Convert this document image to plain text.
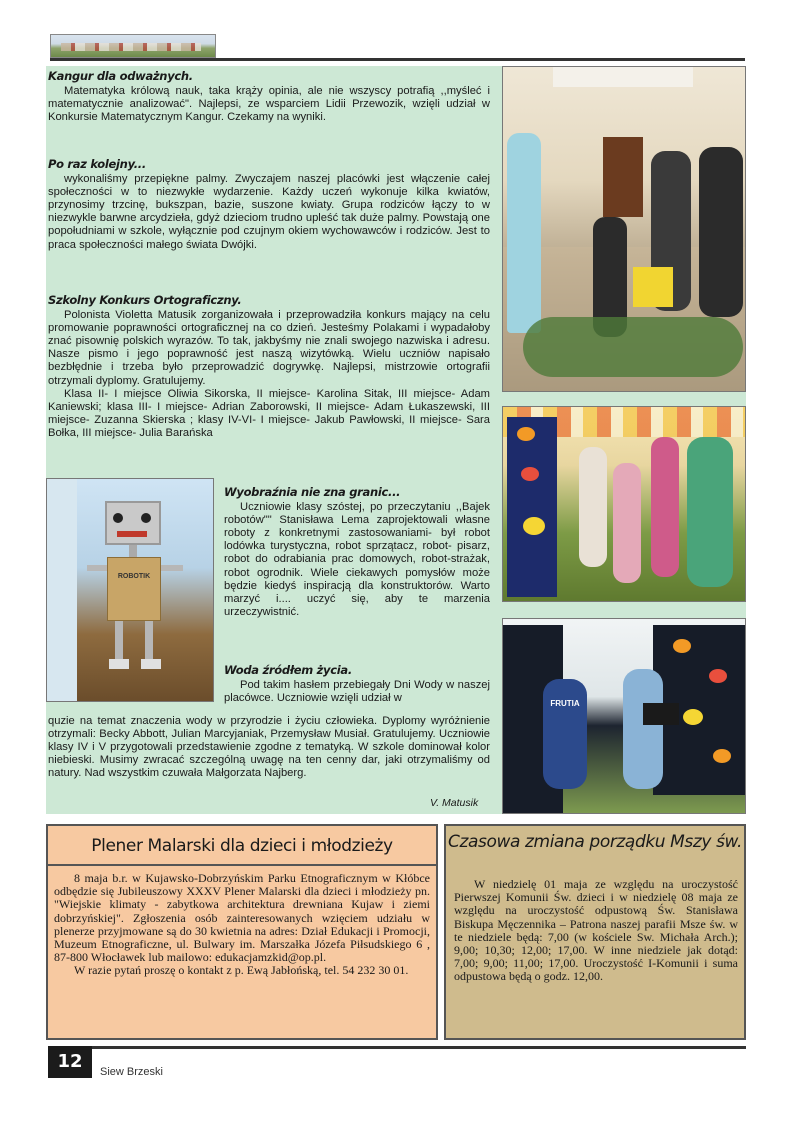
Kangur dla odważnych.

Matematyka królową nauk, taka krąży opinia, ale nie wszyscy potrafią ,,myśleć i matematycznie analizować". Najlepsi, ze wsparciem Lidii Przewozik, wzięli udział w Konkursie Matematycznym Kangur. Czekamy na wyniki.

Po raz kolejny...

wykonaliśmy przepiękne palmy. Zwyczajem naszej placówki jest włączenie całej społeczności w to niezwykłe wydarzenie. Każdy uczeń wykonuje kilka kwiatów, przynosimy trzcinę, bukszpan, bazie, suszone kwiaty. Grupa rodziców łączy to w niezwykle barwne arcydzieła, gdyż dzieciom trudno upleść tak duże palmy. Powstają one popołudniami w szkole, wyłącznie pod czujnym okiem wychowawców i rodziców. Jest to praca społeczności małego świata Dwójki.

Szkolny Konkurs Ortograficzny.

Polonista Violetta Matusik zorganizowała i przeprowadziła konkurs mający na celu promowanie poprawności ortograficznej na co dzień. Jesteśmy Polakami i wypadałoby znać pisownię polskich wyrazów. To tak, jakbyśmy nie znali swojego nazwiska i adresu. Nasze pismo i jego poprawność jest naszą wizytówką. Wielu uczniów napisało bezbłędnie i trzeba było przeprowadzić dogrywkę. Najlepsi, mistrzowie ortografii otrzymali dyplomy. Gratulujemy.

Klasa II- I miejsce Oliwia Sikorska, II miejsce- Karolina Sitak, III miejsce- Adam Kaniewski; klasa III- I miejsce- Adrian Zaborowski, II miejsce- Adam Łukaszewski, III miejsce- Zuzanna Skierska ; klasy IV-VI- I miejsce- Jakub Pawłowski, II miejsce- Sara Bołka, III miejsce- Julia Barańska

ROBOTIK
Wyobraźnia nie zna granic...

Uczniowie klasy szóstej, po przeczytaniu ,,Bajek robotów"" Stanisława Lema zaprojektowali własne roboty z konkretnymi zastosowaniami- był robot lodówka turystyczna, robot sprzątacz, robot- pisarz, robot do odrabiania prac domowych, robot-strażak, robot ogrodnik. Wiele ciekawych pomysłów może będzie kiedyś inspiracją dla konstruktorów. Warto marzyć i.... uczyć się, aby te marzenia urzeczywistnić.

Woda źródłem życia.

Pod takim hasłem przebiegały Dni Wody w naszej placówce. Uczniowie wzięli udział w

quzie na temat znaczenia wody w przyrodzie i życiu człowieka. Dyplomy wyróżnienie otrzymali: Becky Abbott, Julian Marcyjaniak, Przemysław Musiał. Gratulujemy. Uczniowie klasy IV i V przygotowali przedstawienie zgodne z tematyką. W szkole dominował kolor niebieski. Musimy zwracać szczególną uwagę na ten cenny dar, jaki otrzymaliśmy od natury. Nad wszystkim czuwała Małgorzata Najberg.
V. Matusik
FRUTIA
Plener Malarski dla dzieci i młodzieży

8 maja b.r. w Kujawsko-Dobrzyńskim Parku Etnograficznym w Kłóbce odbędzie się Jubileuszowy XXXV Plener Malarski dla dzieci i młodzieży pn. "Wiejskie klimaty - zabytkowa architektura drewniana Kujaw i ziemi dobrzyńskiej". Zgłoszenia osób zainteresowanych wzięciem udziału w plenerze przyjmowane są do 30 kwietnia na adres: Dział Edukacji i Promocji, Muzeum Etnograficzne, ul. Bulwary im. Marszałka Józefa Piłsudskiego 6 , 87-800 Włocławek lub mailowo: edukacjamzkid@op.pl.

W razie pytań proszę o kontakt z p. Ewą Jabłońską, tel. 54 232 30 01.

Czasowa zmiana porządku Mszy św.

W niedzielę 01 maja ze względu na uroczystość Pierwszej Komunii Św. dzieci i w niedzielę 08 maja ze względu na uroczystość odpustową Św. Stanisława Biskupa Męczennika – Patrona naszej parafii Msze św. w te niedziele będą: 7,00 (w kościele Sw. Michała Arch.); 9,00; 10,30; 12,00; 17,00. W inne niedziele jak dotąd: 7,00; 9,00; 11,00; 17,00. Uroczystość I-Komunii i suma odpustowa będą o godz. 12,00.

12	Siew Brzeski
